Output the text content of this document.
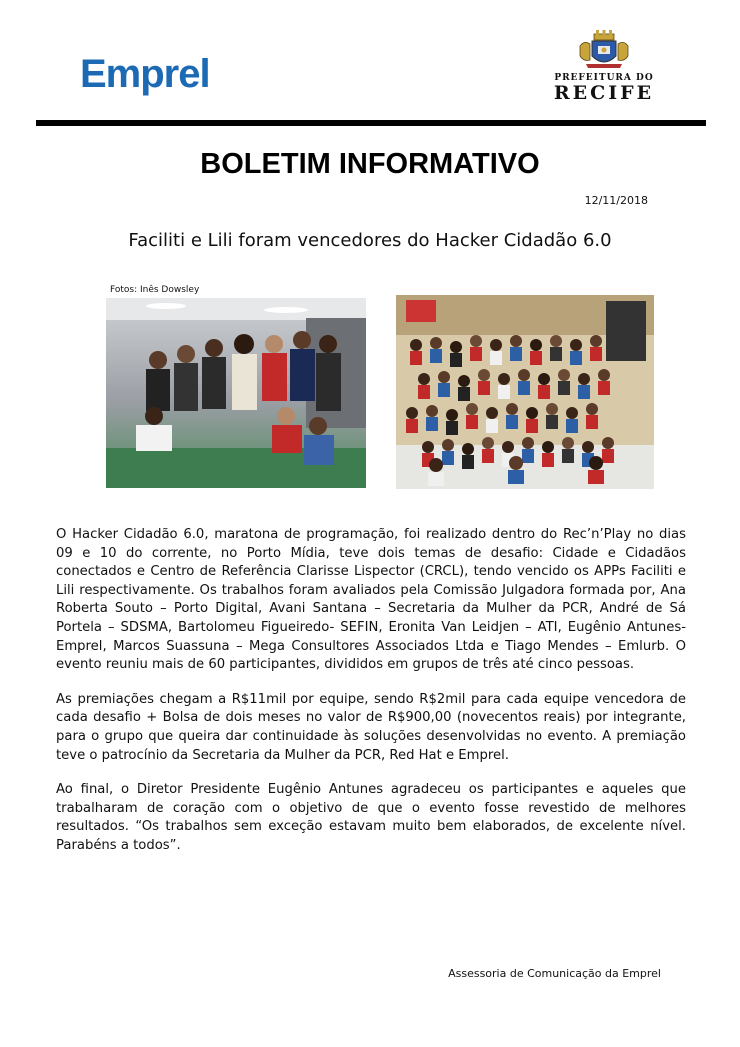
Emprel	PREFEITURA DO
RECIFE
BOLETIM INFORMATIVO
12/11/2018
Faciliti e Lili foram vencedores do Hacker Cidadão 6.0
Fotos: Inês Dowsley

O Hacker Cidadão 6.0, maratona de programação, foi realizado dentro do Rec’n’Play no dias 09 e 10 do corrente, no Porto Mídia, teve dois temas de desafio: Cidade e Cidadãos conectados e Centro de Referência Clarisse Lispector (CRCL), tendo vencido os APPs Faciliti e Lili respectivamente. Os trabalhos foram avaliados pela Comissão Julgadora formada por, Ana Roberta Souto – Porto Digital, Avani Santana – Secretaria da Mulher da PCR, André de Sá Portela – SDSMA, Bartolomeu Figueiredo- SEFIN, Eronita Van Leidjen – ATI, Eugênio Antunes- Emprel, Marcos Suassuna – Mega Consultores Associados Ltda e Tiago Mendes – Emlurb. O evento reuniu mais de 60 participantes, divididos em grupos de três até cinco pessoas.

As premiações chegam a R$11mil por equipe, sendo R$2mil para cada equipe vencedora de cada desafio + Bolsa de dois meses no valor de R$900,00 (novecentos reais) por integrante, para o grupo que queira dar continuidade às soluções desenvolvidas no evento. A premiação teve o patrocínio da Secretaria da Mulher da PCR, Red Hat e Emprel.

Ao final, o Diretor Presidente Eugênio Antunes agradeceu os participantes e aqueles que trabalharam de coração com o objetivo de que o evento fosse revestido de melhores resultados. “Os trabalhos sem exceção estavam muito bem elaborados, de excelente nível. Parabéns a todos”.

Assessoria de Comunicação da Emprel
